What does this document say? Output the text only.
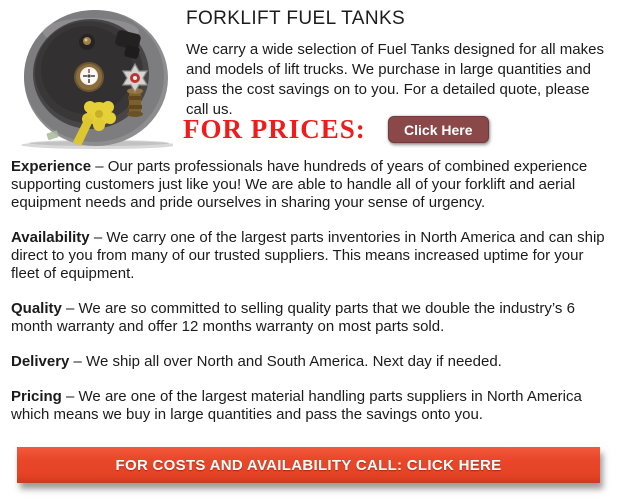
FORKLIFT FUEL TANKS

We carry a wide selection of Fuel Tanks designed for all makes and models of lift trucks. We purchase in large quantities and pass the cost savings on to you. For a detailed quote, please call us.

FOR PRICES:	Click Here

Experience – Our parts professionals have hundreds of years of combined experience supporting customers just like you! We are able to handle all of your forklift and aerial equipment needs and pride ourselves in sharing your sense of urgency.

Availability – We carry one of the largest parts inventories in North America and can ship direct to you from many of our trusted suppliers. This means increased uptime for your fleet of equipment.

Quality – We are so committed to selling quality parts that we double the industry’s 6 month warranty and offer 12 months warranty on most parts sold.

Delivery – We ship all over North and South America. Next day if needed.

Pricing – We are one of the largest material handling parts suppliers in North America which means we buy in large quantities and pass the savings onto you.

FOR COSTS AND AVAILABILITY CALL: CLICK HERE
